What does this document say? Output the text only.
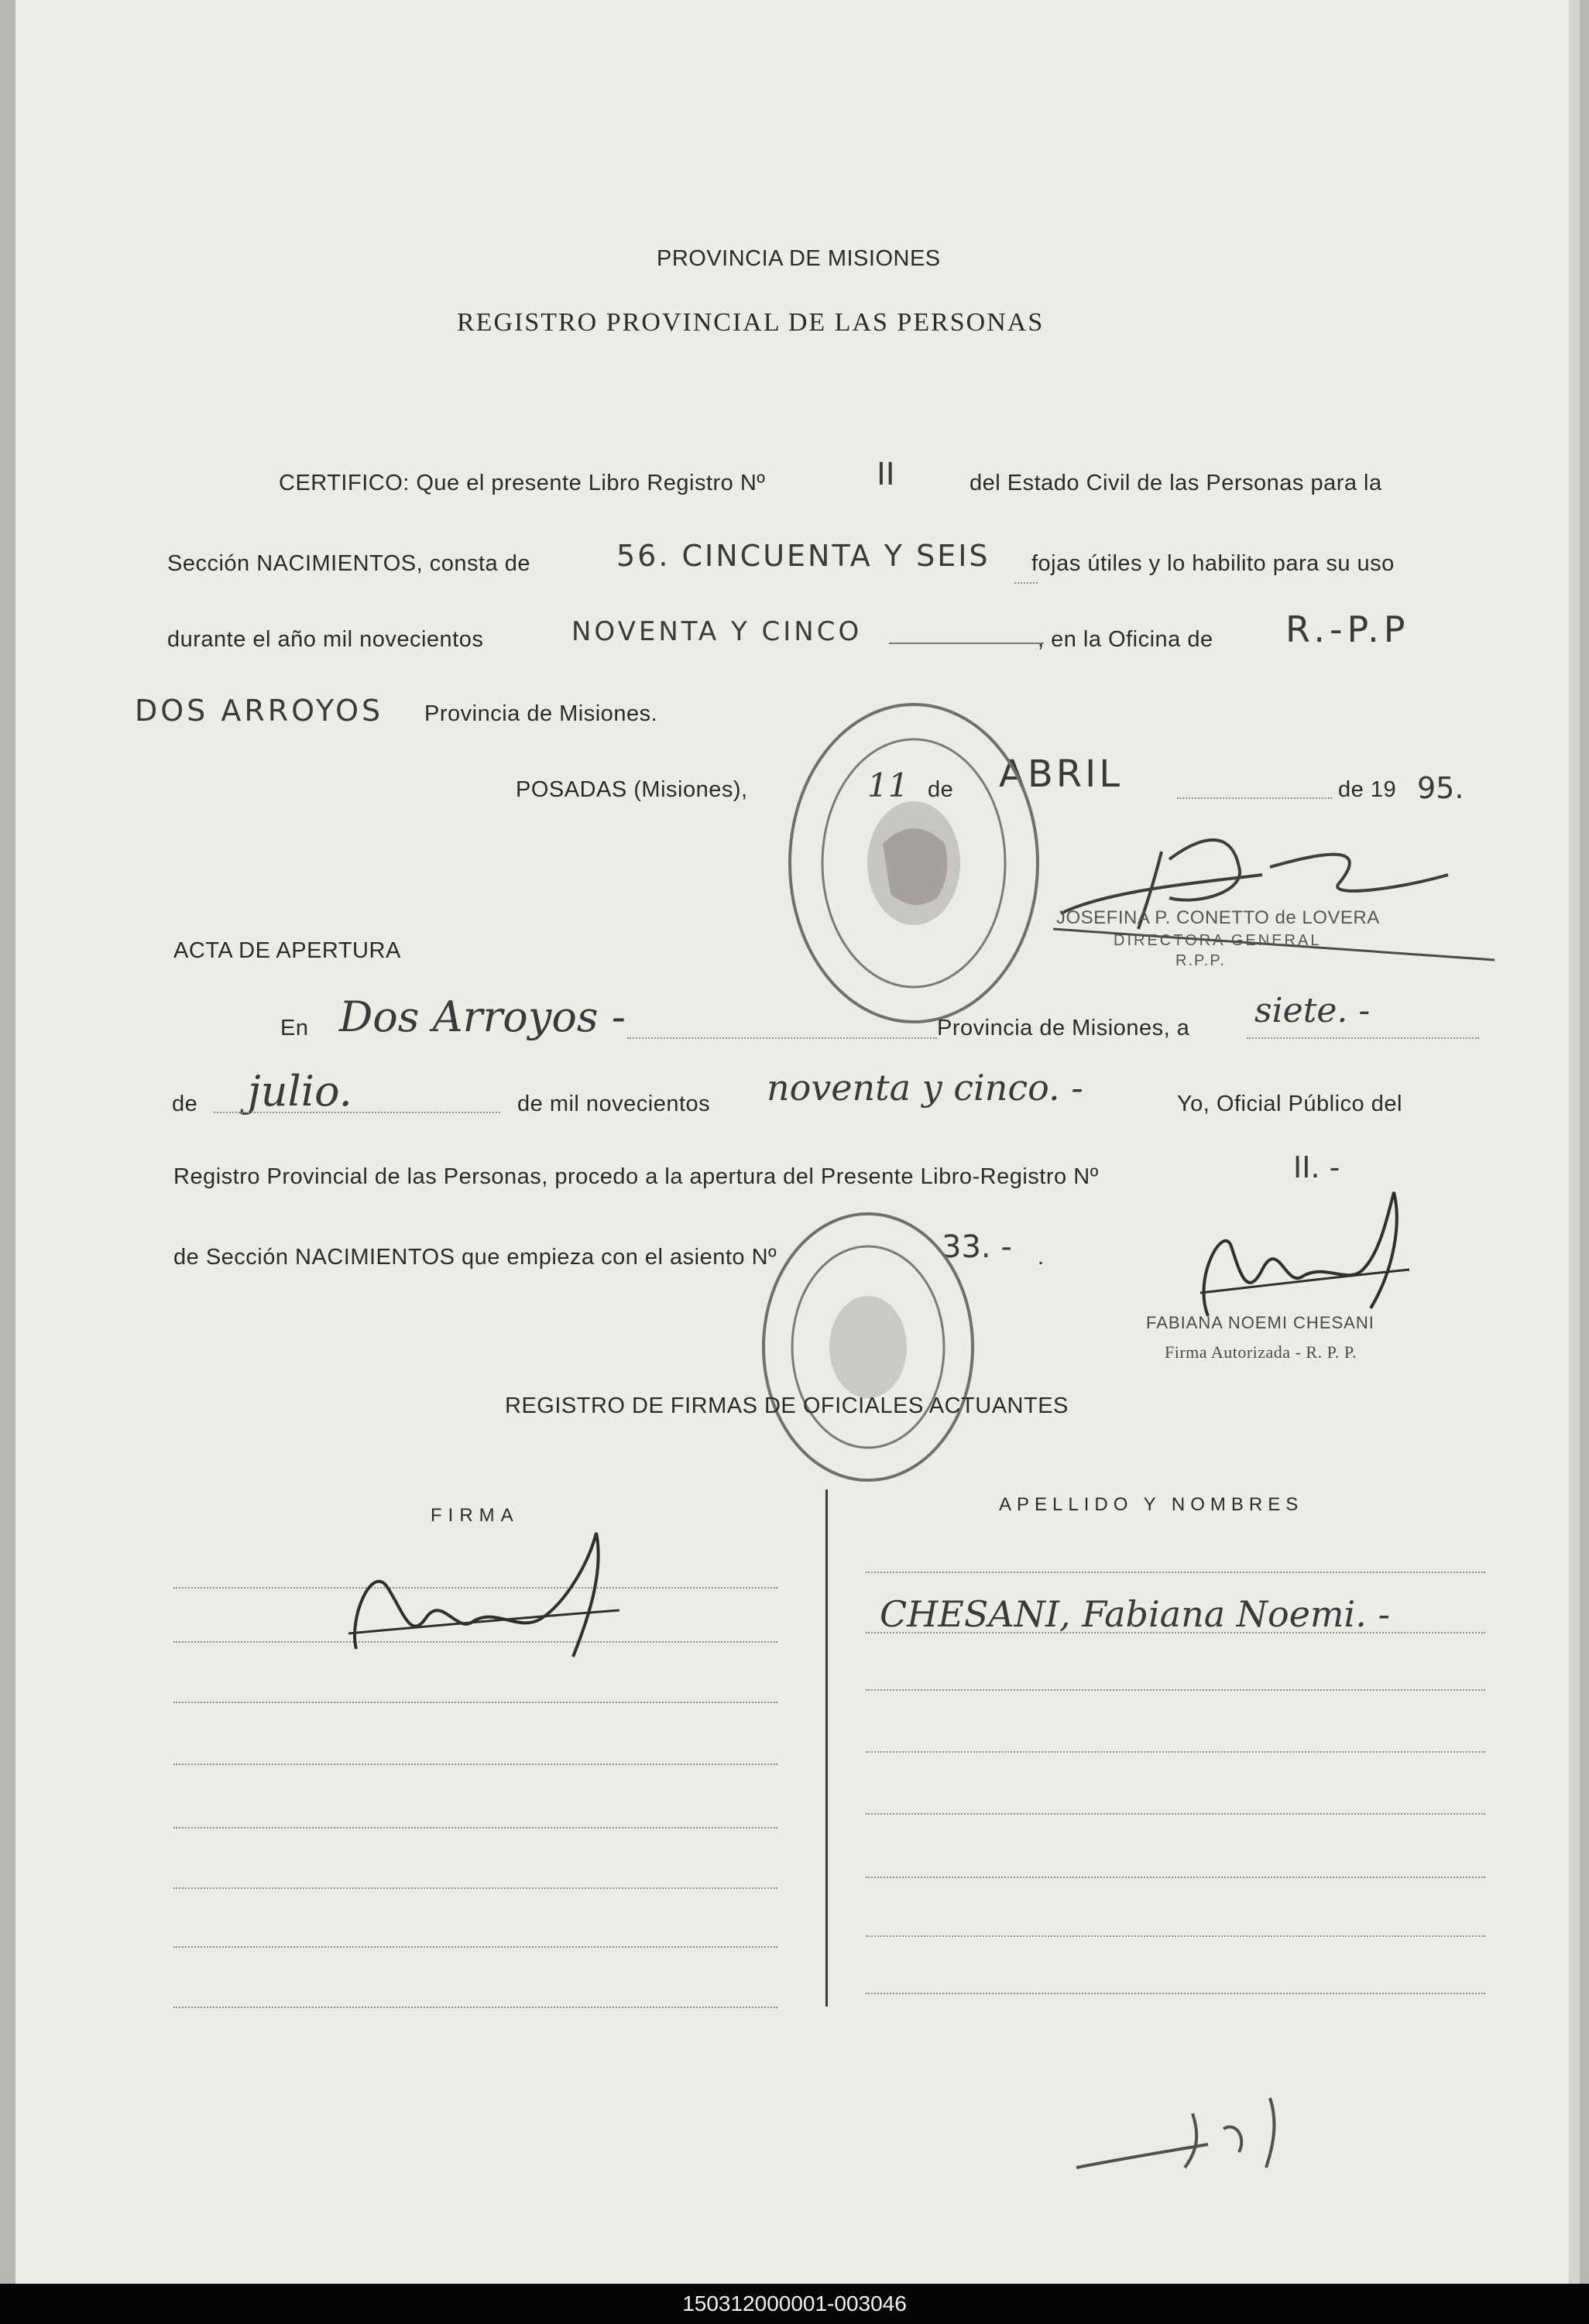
PROVINCIA DE MISIONES
REGISTRO PROVINCIAL DE LAS PERSONAS
CERTIFICO: Que el presente Libro Registro Nº	II	del Estado Civil de las Personas para la
Sección NACIMIENTOS, consta de	56. CINCUENTA Y SEIS fojas útiles y lo habilito para su uso
durante el año mil novecientos	NOVENTA Y CINCO	, en la Oficina de R.-P.P
DOS ARROYOS Provincia de Misiones.
POSADAS (Misiones),	11 de ABRIL	de 19 95.
JOSEFINA P. CONETTO de LOVERA
DIRECTORA GENERAL
R.P.P.
ACTA DE APERTURA
En Dos Arroyos -	Provincia de Misiones, a siete. -
de julio.	de mil novecientos noventa y cinco. -	Yo, Oficial Público del
Registro Provincial de las Personas, procedo a la apertura del Presente Libro-Registro Nº	II. -
de Sección NACIMIENTOS que empieza con el asiento Nº	33. - .
FABIANA NOEMI CHESANI
Firma Autorizada - R. P. P.
REGISTRO DE FIRMAS DE OFICIALES ACTUANTES
FIRMA
APELLIDO Y NOMBRES
CHESANI, Fabiana Noemi. -
150312000001-003046
